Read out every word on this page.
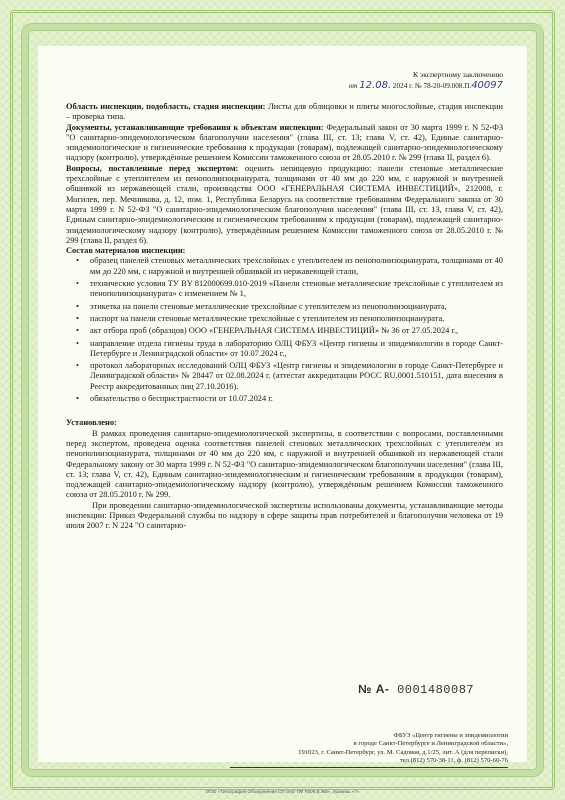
К экспертному заключению

от 12.08. 2024 г. № 78-20-09.008.П.40097

Область инспекции, подобласть, стадия инспекции: Листы для облицовки и плиты многослойные, стадия инспекции – проверка типа.

Документы, устанавливающие требования к объектам инспекции: Федеральный закон от 30 марта 1999 г. N 52-ФЗ "О санитарно-эпидемиологическом благополучии населения" (глава III, ст. 13; глава V, ст. 42), Единые санитарно-эпидемиологические и гигиенические требования к продукции (товарам), подлежащей санитарно-эпидемиологическому надзору (контролю), утверждённые решением Комиссии таможенного союза от 28.05.2010 г. № 299 (глава II, раздел 6).

Вопросы, поставленные перед экспертом: оценить непищевую продукцию: панели стеновые металлические трехслойные с утеплителем из пенополиизоцианурата, толщинами от 40 мм до 220 мм, с наружной и внутренней обшивкой из нержавеющей стали, производства ООО «ГЕНЕРАЛЬНАЯ СИСТЕМА ИНВЕСТИЦИЙ», 212008, г. Могилев, пер. Мечникова, д. 12, пом. 1, Республика Беларусь на соответствие требованиям Федерального закона от 30 марта 1999 г. N 52-ФЗ "О санитарно-эпидемиологическом благополучии населения" (глава III, ст. 13, глава V, ст. 42), Единым санитарно-эпидемиологическим и гигиеническим требованиям к продукции (товарам), подлежащей санитарно-эпидемиологическому надзору (контролю), утверждённым решением Комиссии таможенного союза от 28.05.2010 г. № 299 (глава II, раздел 6).

Состав материалов инспекции:

• образец панелей стеновых металлических трехслойных с утеплителем из пенополиизоцианурата, толщинами от 40 мм до 220 мм, с наружной и внутренней обшивкой из нержавеющей стали,
• технические условия ТУ BY 812000699.010-2019 «Панели стеновые металлические трехслойные с утеплителем из пенополиизоцианурата» с изменением № 1,
• этикетка на панели стеновые металлические трехслойные с утеплителем из пенополиизоцианурата,
• паспорт на панели стеновые металлические трехслойные с утеплителем из пенополиизоцианурата,
• акт отбора проб (образцов) ООО «ГЕНЕРАЛЬНАЯ СИСТЕМА ИНВЕСТИЦИЙ» № 36 от 27.05.2024 г.,
• направление отдела гигиены труда в лабораторию ОЛЦ ФБУЗ «Центр гигиены и эпидемиологии в городе Санкт-Петербурге и Ленинградской области» от 10.07.2024 г.,
• протокол лабораторных исследований ОЛЦ ФБУЗ «Центр гигиены и эпидемиологии в городе Санкт-Петербурге и Ленинградской области» № 28447 от 02.08.2024 г. (аттестат аккредитации РОСС RU.0001.510151, дата внесения в Реестр аккредитованных лиц 27.10.2016).
• обязательство о беспристрастности от 10.07.2024 г.

Установлено:

В рамках проведения санитарно-эпидемиологической экспертизы, в соответствии с вопросами, поставленными перед экспертом, проведена оценка соответствия панелей стеновых металлических трехслойных с утеплителем из пенополиизоцианурата, толщинами от 40 мм до 220 мм, с наружной и внутренней обшивкой из нержавеющей стали Федеральному закону от 30 марта 1999 г. N 52-ФЗ "О санитарно-эпидемиологическом благополучии населения" (глава III, ст. 13; глава V, ст. 42), Единым санитарно-эпидемиологическим и гигиеническим требованиям к продукции (товарам), подлежащей санитарно-эпидемиологическому надзору (контролю), утверждённым решением Комиссии таможенного союза от 28.05.2010 г. № 299.

При проведении санитарно-эпидемиологической экспертизы использованы документы, устанавливающие методы инспекции: Приказ Федеральной службы по надзору в сфере защиты прав потребителей и благополучия человека от 19 июля 2007 г. N 224 "О санитарно-

№ А- 0001480087
ФБУЗ «Центр гигиены и эпидемиологии
в городе Санкт-Петербурге и Ленинградской области»,
191023, г. Санкт-Петербург, ул. М. Садовая, д.1/25, лит. А (для переписки),
тел.(812) 570-38-11, ф. (812) 570-60-76
ООО «Типография Объединения СП-ЗАЕ-ПФ Р.ВЖ Б.Ж8», Ураниаь «Г»
